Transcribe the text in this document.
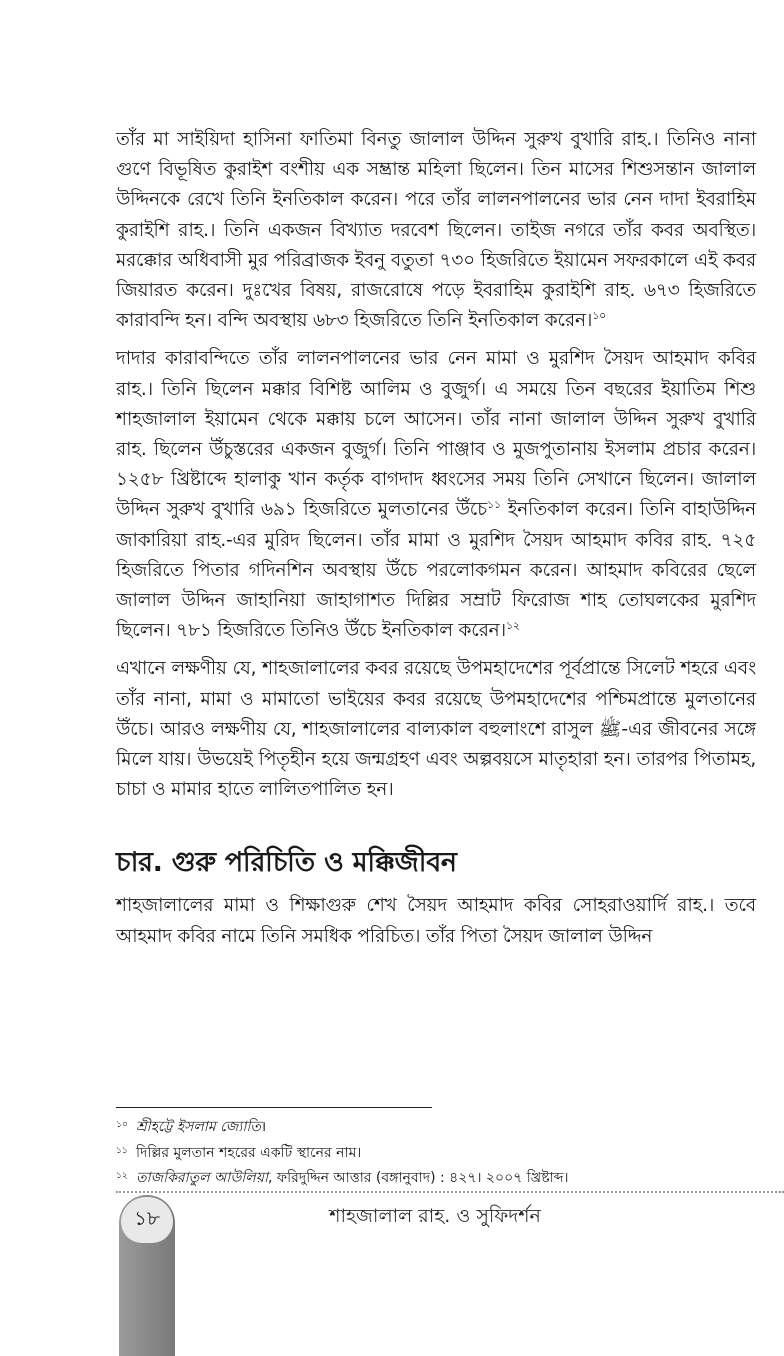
তাঁর মা সাইয়িদা হাসিনা ফাতিমা বিনতু জালাল উদ্দিন সুরুখ বুখারি রাহ.। তিনিও নানা গুণে বিভূষিত কুরাইশ বংশীয় এক সম্ভ্রান্ত মহিলা ছিলেন। তিন মাসের শিশুসন্তান জালাল উদ্দিনকে রেখে তিনি ইনতিকাল করেন। পরে তাঁর লালনপালনের ভার নেন দাদা ইবরাহিম কুরাইশি রাহ.। তিনি একজন বিখ্যাত দরবেশ ছিলেন। তাইজ নগরে তাঁর কবর অবস্থিত। মরক্কোর অধিবাসী মুর পরিব্রাজক ইবনু বতুতা ৭৩০ হিজরিতে ইয়ামেন সফরকালে এই কবর জিয়ারত করেন। দুঃখের বিষয়, রাজরোষে পড়ে ইবরাহিম কুরাইশি রাহ. ৬৭৩ হিজরিতে কারাবন্দি হন। বন্দি অবস্থায় ৬৮৩ হিজরিতে তিনি ইনতিকাল করেন।$^{১০}$

দাদার কারাবন্দিতে তাঁর লালনপালনের ভার নেন মামা ও মুরশিদ সৈয়দ আহমাদ কবির রাহ.। তিনি ছিলেন মক্কার বিশিষ্ট আলিম ও বুজুর্গ। এ সময়ে তিন বছরের ইয়াতিম শিশু শাহজালাল ইয়ামেন থেকে মক্কায় চলে আসেন। তাঁর নানা জালাল উদ্দিন সুরুখ বুখারি রাহ. ছিলেন উঁচুস্তরের একজন বুজুর্গ। তিনি পাঞ্জাব ও মুজপুতানায় ইসলাম প্রচার করেন। ১২৫৮ খ্রিষ্টাব্দে হালাকু খান কর্তৃক বাগদাদ ধ্বংসের সময় তিনি সেখানে ছিলেন। জালাল উদ্দিন সুরুখ বুখারি ৬৯১ হিজরিতে মুলতানের উঁচে$^{১১}$ ইনতিকাল করেন। তিনি বাহাউদ্দিন জাকারিয়া রাহ.-এর মুরিদ ছিলেন। তাঁর মামা ও মুরশিদ সৈয়দ আহমাদ কবির রাহ. ৭২৫ হিজরিতে পিতার গদিনশিন অবস্থায় উঁচে পরলোকগমন করেন। আহমাদ কবিরের ছেলে জালাল উদ্দিন জাহানিয়া জাহাগাশত দিল্লির সম্রাট ফিরোজ শাহ তোঘলকের মুরশিদ ছিলেন। ৭৮১ হিজরিতে তিনিও উঁচে ইনতিকাল করেন।$^{১২}$

এখানে লক্ষণীয় যে, শাহজালালের কবর রয়েছে উপমহাদেশের পূর্বপ্রান্তে সিলেট শহরে এবং তাঁর নানা, মামা ও মামাতো ভাইয়ের কবর রয়েছে উপমহাদেশের পশ্চিমপ্রান্তে মুলতানের উঁচে। আরও লক্ষণীয় যে, শাহজালালের বাল্যকাল বহুলাংশে রাসুল ﷺ-এর জীবনের সঙ্গে মিলে যায়। উভয়েই পিতৃহীন হয়ে জন্মগ্রহণ এবং অল্পবয়সে মাতৃহারা হন। তারপর পিতামহ, চাচা ও মামার হাতে লালিতপালিত হন।

চার. গুরু পরিচিতি ও মক্কিজীবন

শাহজালালের মামা ও শিক্ষাগুরু শেখ সৈয়দ আহমাদ কবির সোহরাওয়ার্দি রাহ.। তবে আহমাদ কবির নামে তিনি সমধিক পরিচিত। তাঁর পিতা সৈয়দ জালাল উদ্দিন

১০ শ্রীহট্টে ইসলাম জ্যোতি।
১১ দিল্লির মুলতান শহরের একটি স্থানের নাম।
১২ তাজকিরাতুল আউলিয়া, ফরিদুদ্দিন আত্তার (বঙ্গানুবাদ) : ৪২৭। ২০০৭ খ্রিষ্টাব্দ।
১৮	শাহজালাল রাহ. ও সুফিদর্শন
